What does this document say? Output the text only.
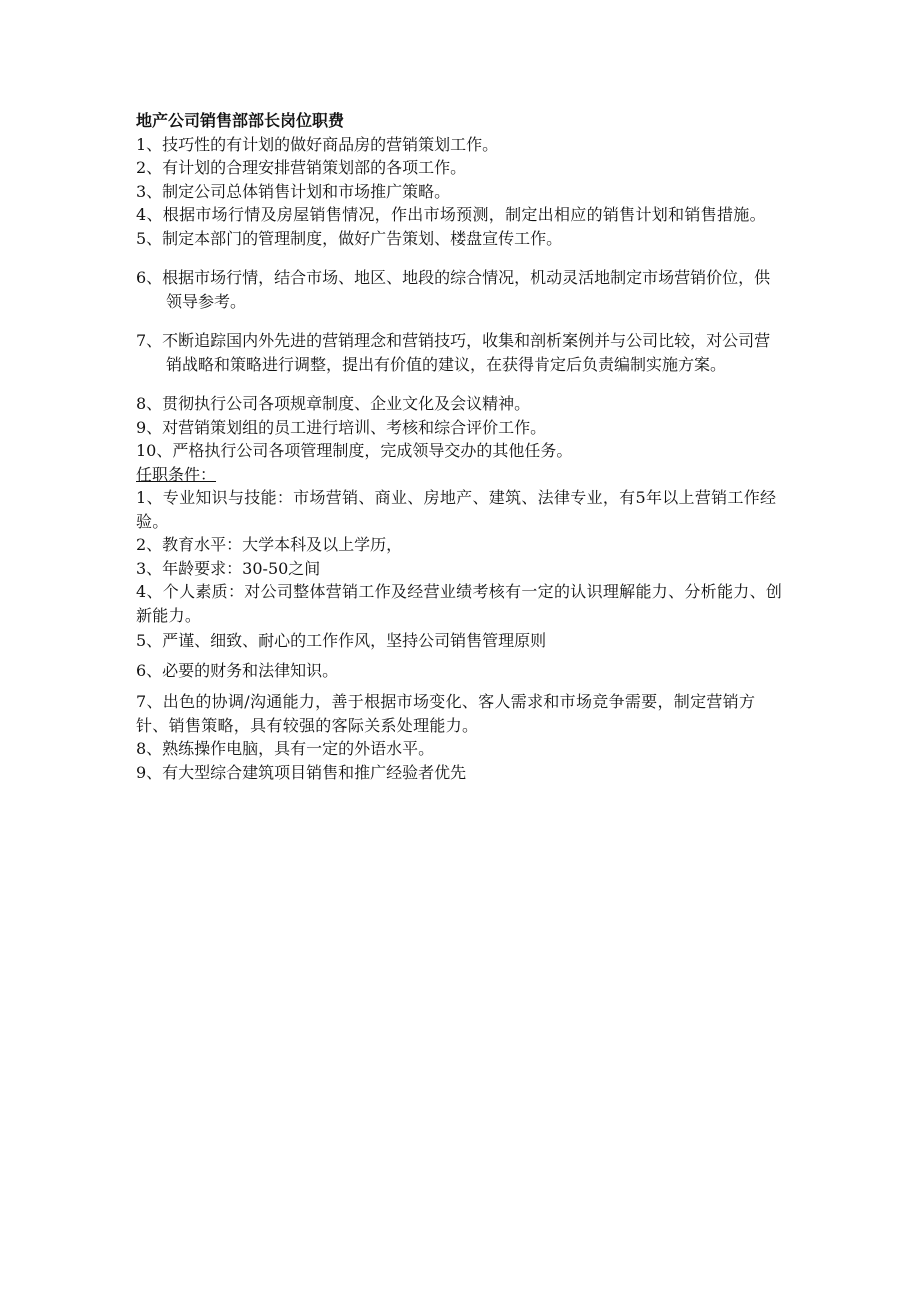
地产公司销售部部长岗位职费

1、技巧性的有计划的做好商品房的营销策划工作。

2、有计划的合理安排营销策划部的各项工作。

3、制定公司总体销售计划和市场推广策略。

4、根据市场行情及房屋销售情况，作出市场预测，制定出相应的销售计划和销售措施。

5、制定本部门的管理制度，做好广告策划、楼盘宣传工作。

6、根据市场行情，结合市场、地区、地段的综合情况，机动灵活地制定市场营销价位，供领导参考。

7、不断追踪国内外先进的营销理念和营销技巧，收集和剖析案例并与公司比较，对公司营销战略和策略进行调整，提出有价值的建议，在获得肯定后负责编制实施方案。

8、贯彻执行公司各项规章制度、企业文化及会议精神。

9、对营销策划组的员工进行培训、考核和综合评价工作。

10、严格执行公司各项管理制度，完成领导交办的其他任务。

任职条件：

1、专业知识与技能：市场营销、商业、房地产、建筑、法律专业，有5年以上营销工作经验。

2、教育水平：大学本科及以上学历，

3、年龄要求：30-50之间

4、个人素质：对公司整体营销工作及经营业绩考核有一定的认识理解能力、分析能力、创新能力。

5、严谨、细致、耐心的工作作风，坚持公司销售管理原则

6、必要的财务和法律知识。

7、出色的协调/沟通能力，善于根据市场变化、客人需求和市场竞争需要，制定营销方针、销售策略，具有较强的客际关系处理能力。

8、熟练操作电脑，具有一定的外语水平。

9、有大型综合建筑项目销售和推广经验者优先
